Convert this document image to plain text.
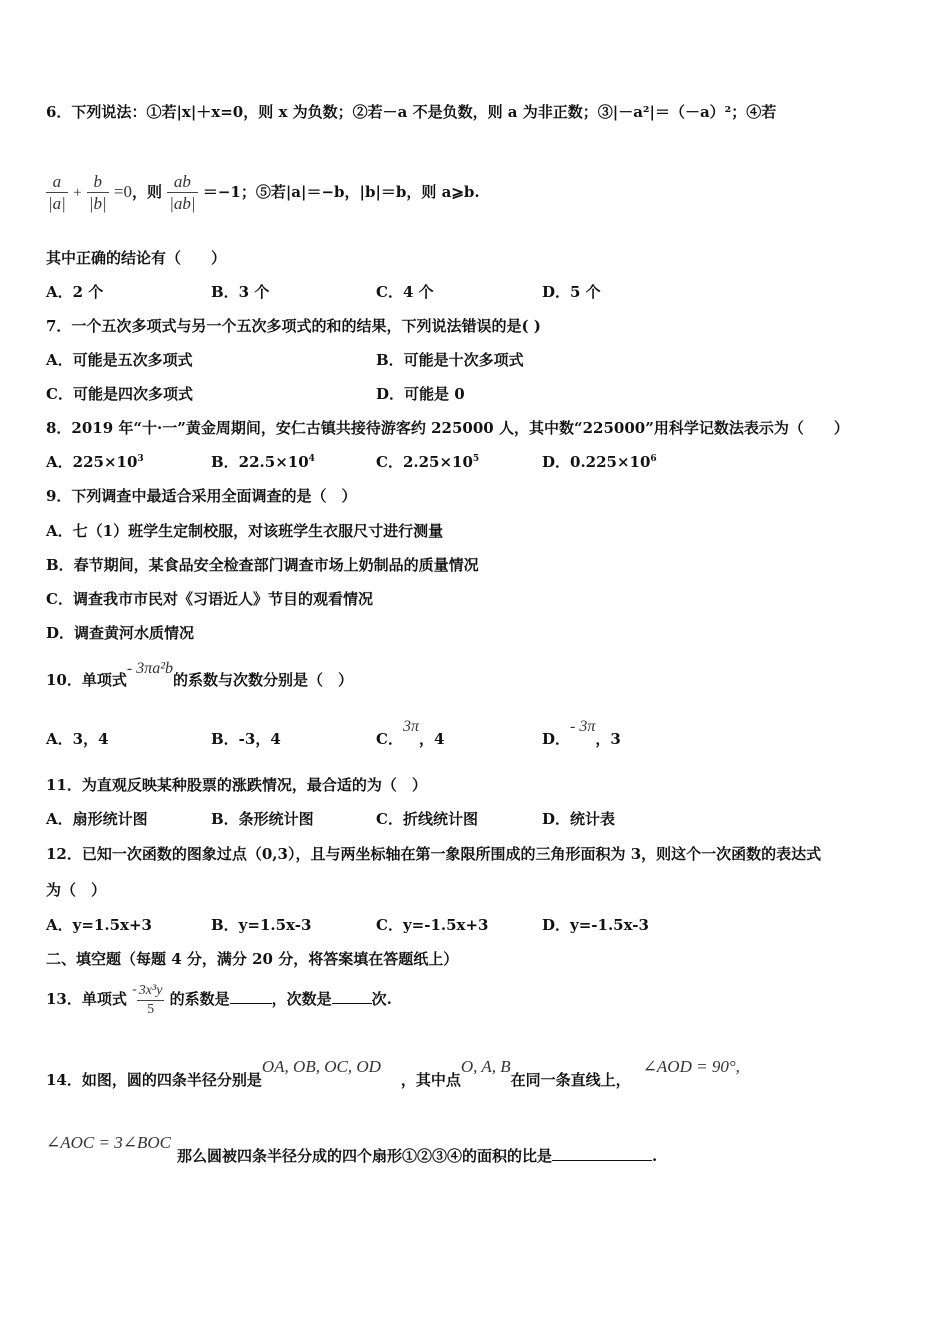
6．下列说法：①若|x|＋x=0，则 x 为负数；②若－a 不是负数，则 a 为非正数；③|－a²|＝（－a）²；④若
$\frac{a}{|a|} + \frac{b}{|b|} =0$，则 $\frac{ab}{|ab|} =-1$；⑤若|a|＝−b，|b|＝b，则 a⩾b.
其中正确的结论有（　　）
A．2 个	B．3 个	C．4 个	D．5 个
7．一个五次多项式与另一个五次多项式的和的结果，下列说法错误的是( )
A．可能是五次多项式	B．可能是十次多项式
C．可能是四次多项式	D．可能是 0
8．2019 年“十·一”黄金周期间，安仁古镇共接待游客约 225000 人，其中数“225000”用科学记数法表示为（　　）
A．$225\times 10^3$	B．$22.5\times 10^4$	C．$2.25\times 10^5$	D．$0.225\times 10^6$
9．下列调查中最适合采用全面调查的是（　）
A．七（1）班学生定制校服，对该班学生衣服尺寸进行测量
B．春节期间，某食品安全检查部门调查市场上奶制品的质量情况
C．调查我市市民对《习语近人》节目的观看情况
D．调查黄河水质情况
10．单项式- 3πa²b的系数与次数分别是（　）
A．3，4	B．-3，4	C．3π，4	D．- 3π，3
11．为直观反映某种股票的涨跌情况，最合适的为（　）
A．扇形统计图	B．条形统计图	C．折线统计图	D．统计表
12．已知一次函数的图象过点（0,3），且与两坐标轴在第一象限所围成的三角形面积为 3，则这个一次函数的表达式
为（　）
A．y=1.5x+3	B．y=1.5x-3	C．y=-1.5x+3	D．y=-1.5x-3
二、填空题（每题 4 分，满分 20 分，将答案填在答题纸上）
13．单项式 - $\frac{\text{3x³y}}{5}$ 的系数是	，次数是	次.
14．如图，圆的四条半径分别是OA, OB, OC, OD，其中点O, A, B在同一条直线上，∠AOD = 90°,
∠AOC = 3∠BOC那么圆被四条半径分成的四个扇形①②③④的面积的比是	.
